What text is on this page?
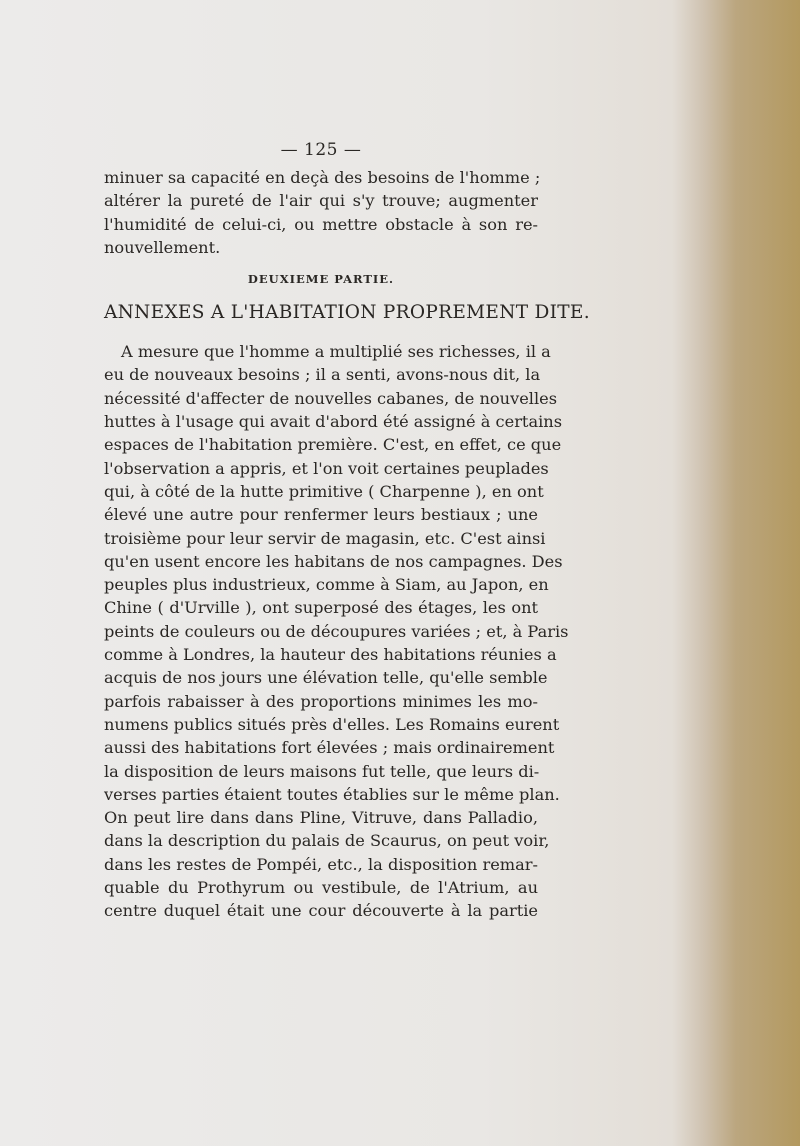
— 125 —
minuer sa capacité en deçà des besoins de l'homme ;
altérer la pureté de l'air qui s'y trouve; augmenter
l'humidité de celui-ci, ou mettre obstacle à son re-
nouvellement.
DEUXIEME PARTIE.
ANNEXES A L'HABITATION PROPREMENT DITE.
A mesure que l'homme a multiplié ses richesses, il a
eu de nouveaux besoins ; il a senti, avons-nous dit, la
nécessité d'affecter de nouvelles cabanes, de nouvelles
huttes à l'usage qui avait d'abord été assigné à certains
espaces de l'habitation première. C'est, en effet, ce que
l'observation a appris, et l'on voit certaines peuplades
qui, à côté de la hutte primitive ( Charpenne ), en ont
élevé une autre pour renfermer leurs bestiaux ; une
troisième pour leur servir de magasin, etc. C'est ainsi
qu'en usent encore les habitans de nos campagnes. Des
peuples plus industrieux, comme à Siam, au Japon, en
Chine ( d'Urville ), ont superposé des étages, les ont
peints de couleurs ou de découpures variées ; et, à Paris
comme à Londres, la hauteur des habitations réunies a
acquis de nos jours une élévation telle, qu'elle semble
parfois rabaisser à des proportions minimes les mo-
numens publics situés près d'elles. Les Romains eurent
aussi des habitations fort élevées ; mais ordinairement
la disposition de leurs maisons fut telle, que leurs di-
verses parties étaient toutes établies sur le même plan.
On peut lire dans dans Pline, Vitruve, dans Palladio,
dans la description du palais de Scaurus, on peut voir,
dans les restes de Pompéi, etc., la disposition remar-
quable du Prothyrum ou vestibule, de l'Atrium, au
centre duquel était une cour découverte à la partie
